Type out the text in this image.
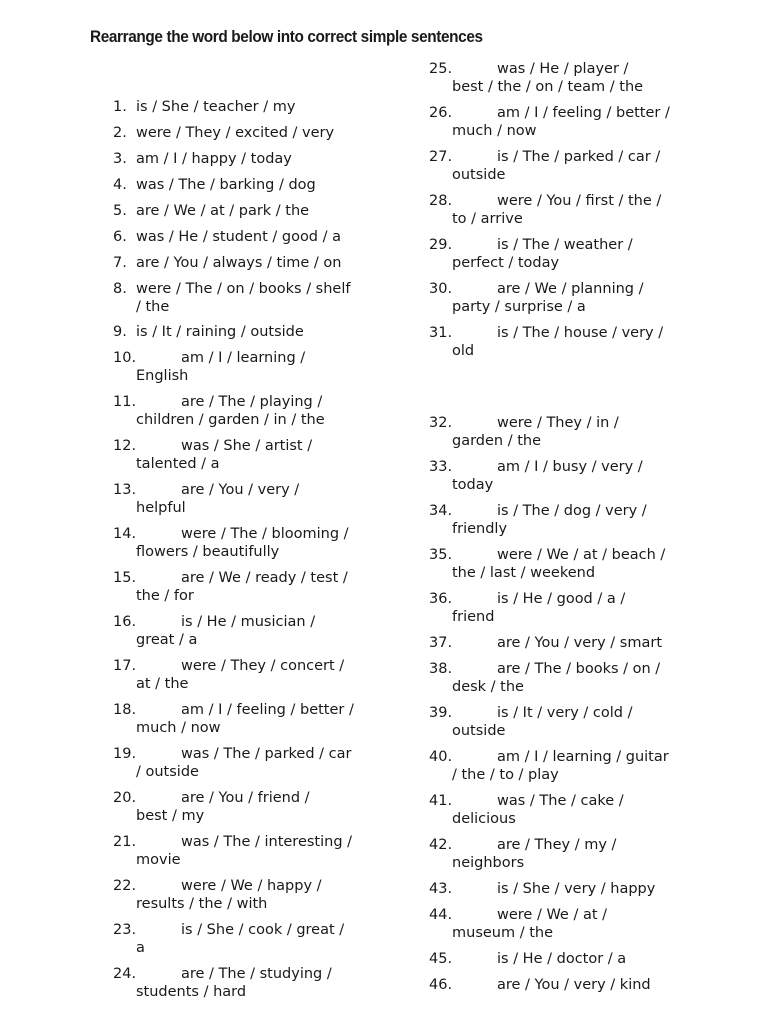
Rearrange the word below into correct simple sentences
1. is / She / teacher / my
2. were / They / excited / very
3. am / I / happy / today
4. was / The / barking / dog
5. are / We / at / park / the
6. was / He / student / good / a
7. are / You / always / time / on
8. were / The / on / books / shelf
/ the
9. is / It / raining / outside
10.	am / I / learning /
English
11.	are / The / playing /
children / garden / in / the
12.	was / She / artist /
talented / a
13.	are / You / very /
helpful
14.	were / The / blooming /
flowers / beautifully
15.	are / We / ready / test /
the / for
16.	is / He / musician /
great / a
17.	were / They / concert /
at / the
18.	am / I / feeling / better /
much / now
19.	was / The / parked / car
/ outside
20.	are / You / friend /
best / my
21.	was / The / interesting /
movie
22.	were / We / happy /
results / the / with
23.	is / She / cook / great /
a
24.	are / The / studying /
students / hard
25.	was / He / player /
best / the / on / team / the
26.	am / I / feeling / better /
much / now
27.	is / The / parked / car /
outside
28.	were / You / first / the /
to / arrive
29.	is / The / weather /
perfect / today
30.	are / We / planning /
party / surprise / a
31.	is / The / house / very /
old
32.	were / They / in /
garden / the
33.	am / I / busy / very /
today
34.	is / The / dog / very /
friendly
35.	were / We / at / beach /
the / last / weekend
36.	is / He / good / a /
friend
37.	are / You / very / smart
38.	are / The / books / on /
desk / the
39.	is / It / very / cold /
outside
40.	am / I / learning / guitar
/ the / to / play
41.	was / The / cake /
delicious
42.	are / They / my /
neighbors
43.	is / She / very / happy
44.	were / We / at /
museum / the
45.	is / He / doctor / a
46.	are / You / very / kind
